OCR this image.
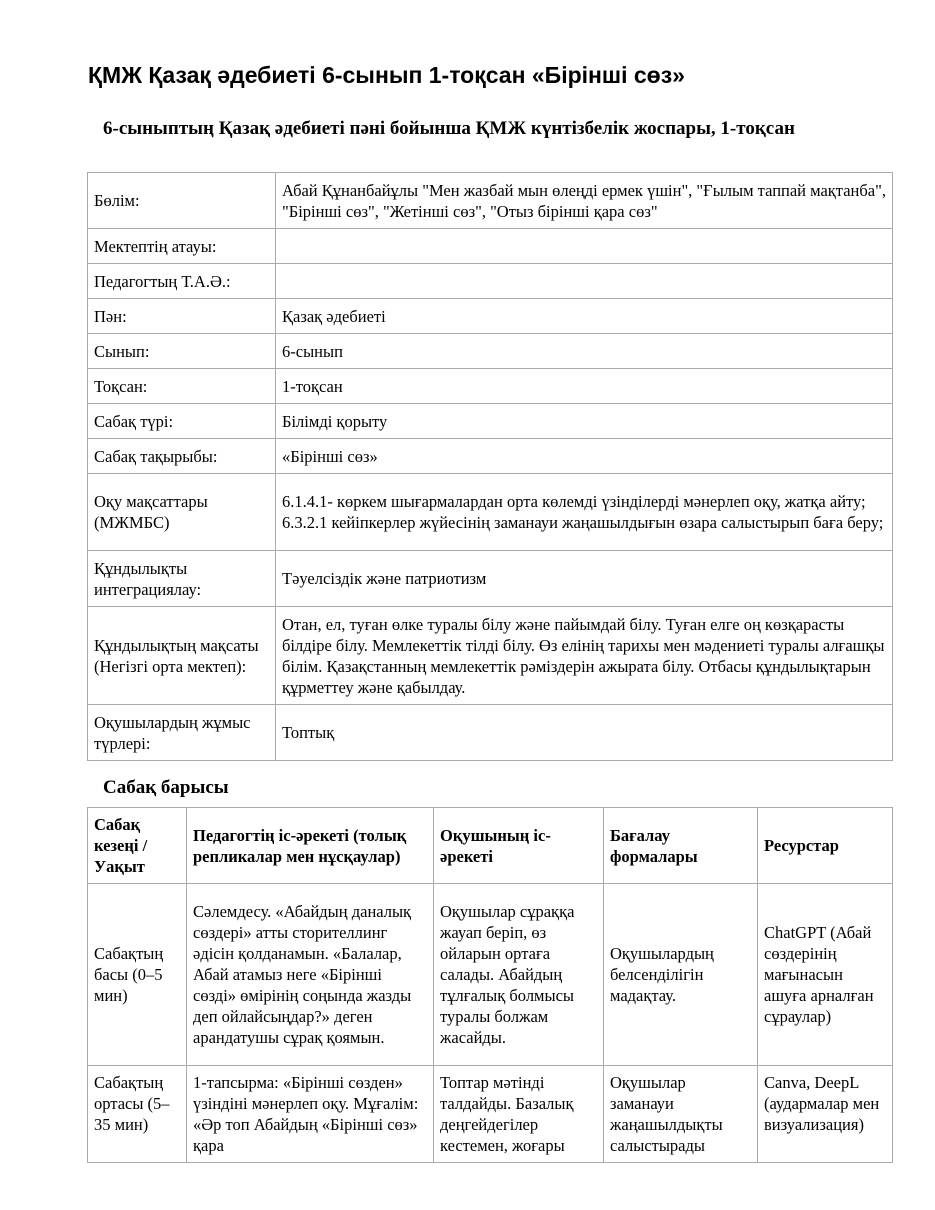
ҚМЖ Қазақ әдебиеті 6-сынып 1-тоқсан «Бірінші сөз»
6-сыныптың Қазақ әдебиеті пәні бойынша ҚМЖ күнтізбелік жоспары, 1-тоқсан
Бөлім:	Абай Құнанбайұлы "Мен жазбай мын өлеңді ермек үшін", "Ғылым таппай мақтанба", "Бірінші сөз", "Жетінші сөз", "Отыз бірінші қара сөз"
Мектептің атауы:	
Педагогтың Т.А.Ә.:	
Пән:	Қазақ әдебиеті
Сынып:	6-сынып
Тоқсан:	1-тоқсан
Сабақ түрі:	Білімді қорыту
Сабақ тақырыбы:	«Бірінші сөз»
Оқу мақсаттары (МЖМБС)	6.1.4.1- көркем шығармалардан орта көлемді үзінділерді мәнерлеп оқу, жатқа айту; 6.3.2.1 кейіпкерлер жүйесінің заманауи жаңашылдығын өзара салыстырып баға беру;
Құндылықты интеграциялау:	Тәуелсіздік және патриотизм
Құндылықтың мақсаты (Негізгі орта мектеп):	Отан, ел, туған өлке туралы білу және пайымдай білу. Туған елге оң көзқарасты білдіре білу. Мемлекеттік тілді білу. Өз елінің тарихы мен мәдениеті туралы алғашқы білім. Қазақстанның мемлекеттік рәміздерін ажырата білу. Отбасы құндылықтарын құрметтеу және қабылдау.
Оқушылардың жұмыс түрлері:	Топтық
Сабақ барысы
Сабақ кезеңі / Уақыт	Педагогтің іс-әрекеті (толық репликалар мен нұсқаулар)	Оқушының іс-әрекеті	Бағалау формалары	Ресурстар
Сабақтың басы (0–5 мин)	Сәлемдесу. «Абайдың даналық сөздері» атты сторителлинг әдісін қолданамын. «Балалар, Абай атамыз неге «Бірінші сөзді» өмірінің соңында жазды деп ойлайсыңдар?» деген арандатушы сұрақ қоямын.	Оқушылар сұраққа жауап беріп, өз ойларын ортаға салады. Абайдың тұлғалық болмысы туралы болжам жасайды.	Оқушылардың белсенділігін мадақтау.	ChatGPT (Абай сөздерінің мағынасын ашуға арналған сұраулар)
Сабақтың ортасы (5–35 мин)	1-тапсырма: «Бірінші сөзден» үзіндіні мәнерлеп оқу. Мұғалім: «Әр топ Абайдың «Бірінші сөз» қара	Топтар мәтінді талдайды. Базалық деңгейдегілер кестемен, жоғары	Оқушылар заманауи жаңашылдықты салыстырады	Canva, DeepL (аудармалар мен визуализация)
